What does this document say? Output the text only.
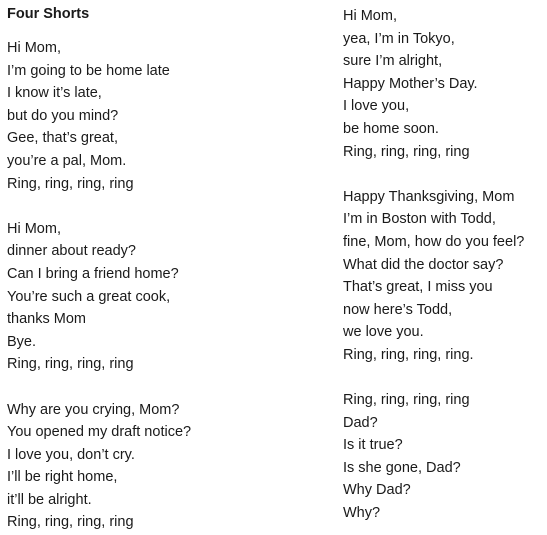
Four Shorts
Hi Mom,
I’m going to be home late
I know it’s late,
but do you mind?
Gee, that’s great,
you’re a pal, Mom.
Ring, ring, ring, ring
Hi Mom,
dinner about ready?
Can I bring a friend home?
You’re such a great cook,
thanks Mom
Bye.
Ring, ring, ring, ring
Why are you crying, Mom?
You opened my draft notice?
I love you, don’t cry.
I’ll be right home,
it’ll be alright.
Ring, ring, ring, ring
Hi Mom,
yea, I’m in Tokyo,
sure I’m alright,
Happy Mother’s Day.
I love you,
be home soon.
Ring, ring, ring, ring
Happy Thanksgiving, Mom
I’m in Boston with Todd,
fine, Mom, how do you feel?
What did the doctor say?
That’s great, I miss you
now here’s Todd,
we love you.
Ring, ring, ring, ring.
Ring, ring, ring, ring
Dad?
Is it true?
Is she gone, Dad?
Why Dad?
Why?
